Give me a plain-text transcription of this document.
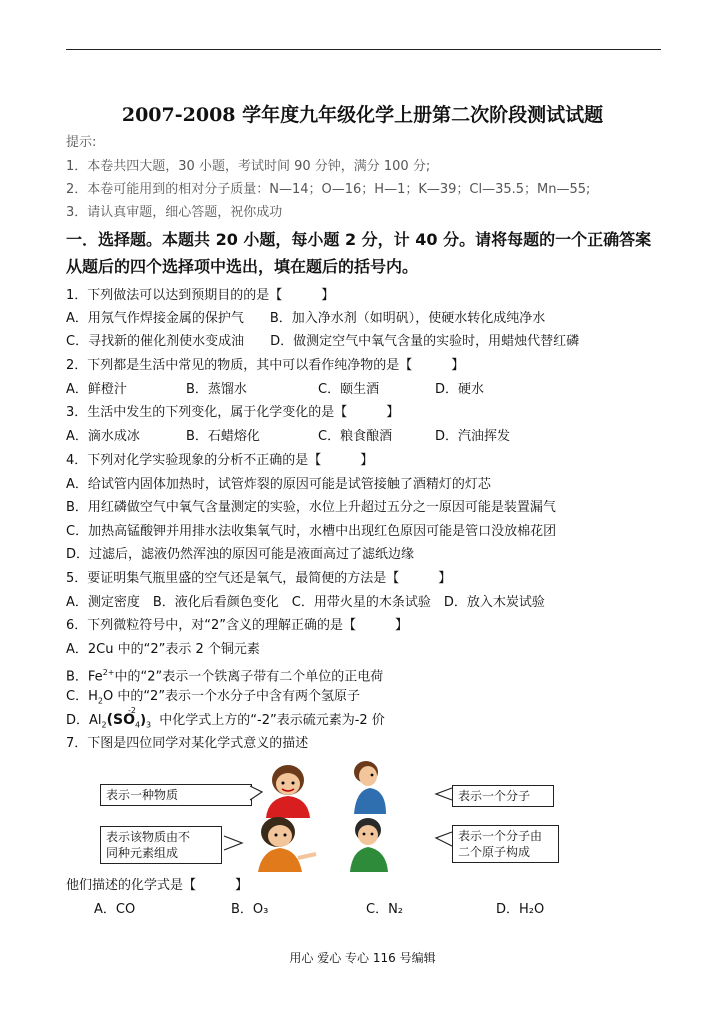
2007-2008 学年度九年级化学上册第二次阶段测试试题
提示:
1．本卷共四大题，30 小题，考试时间 90 分钟，满分 100 分;
2．本卷可能用到的相对分子质量：N—14；O—16；H—1；K—39；Cl—35.5；Mn—55;
3．请认真审题，细心答题，祝你成功
一．选择题。本题共 20 小题，每小题 2 分，计 40 分。请将每题的一个正确答案
从题后的四个选择项中选出，填在题后的括号内。
1．下列做法可以达到预期目的的是【　　　】
A．用氖气作焊接金属的保护气　　B．加入净水剂（如明矾），使硬水转化成纯净水
C．寻找新的催化剂使水变成油　　D．做测定空气中氧气含量的实验时，用蜡烛代替红磷
2．下列都是生活中常见的物质，其中可以看作纯净物的是【　　　】
A．鲜橙汁	B．蒸馏水	C．颐生酒	D．硬水
3．生活中发生的下列变化，属于化学变化的是【　　　】
A．滴水成冰	B．石蜡熔化	C．粮食酿酒	D．汽油挥发
4．下列对化学实验现象的分析不正确的是【　　　】
A．给试管内固体加热时，试管炸裂的原因可能是试管接触了酒精灯的灯芯
B．用红磷做空气中氧气含量测定的实验，水位上升超过五分之一原因可能是装置漏气
C．加热高锰酸钾并用排水法收集氧气时，水槽中出现红色原因可能是管口没放棉花团
D．过滤后，滤液仍然浑浊的原因可能是液面高过了滤纸边缘
5．要证明集气瓶里盛的空气还是氧气，最简便的方法是【　　　】
A．测定密度　B．液化后看颜色变化　C．用带火星的木条试验　D．放入木炭试验
6．下列微粒符号中，对“2”含义的理解正确的是【　　　】
A．2Cu 中的“2”表示 2 个铜元素
B．$Fe^{2+}$中的“2”表示一个铁离子带有二个单位的正电荷
C．$H_2O$ 中的“2”表示一个水分子中含有两个氢原子
D．$Al_2(SO_4)_3$
-2
中化学式上方的“-2”表示硫元素为-2 价
7．下图是四位同学对某化学式意义的描述
表示一种物质	表示一个分子
表示该物质由不
同种元素组成
表示一个分子由
二个原子构成
他们描述的化学式是【　　　】
A．CO	B．O₃	C．N₂	D．H₂O
用心 爱心 专心 116 号编辑
